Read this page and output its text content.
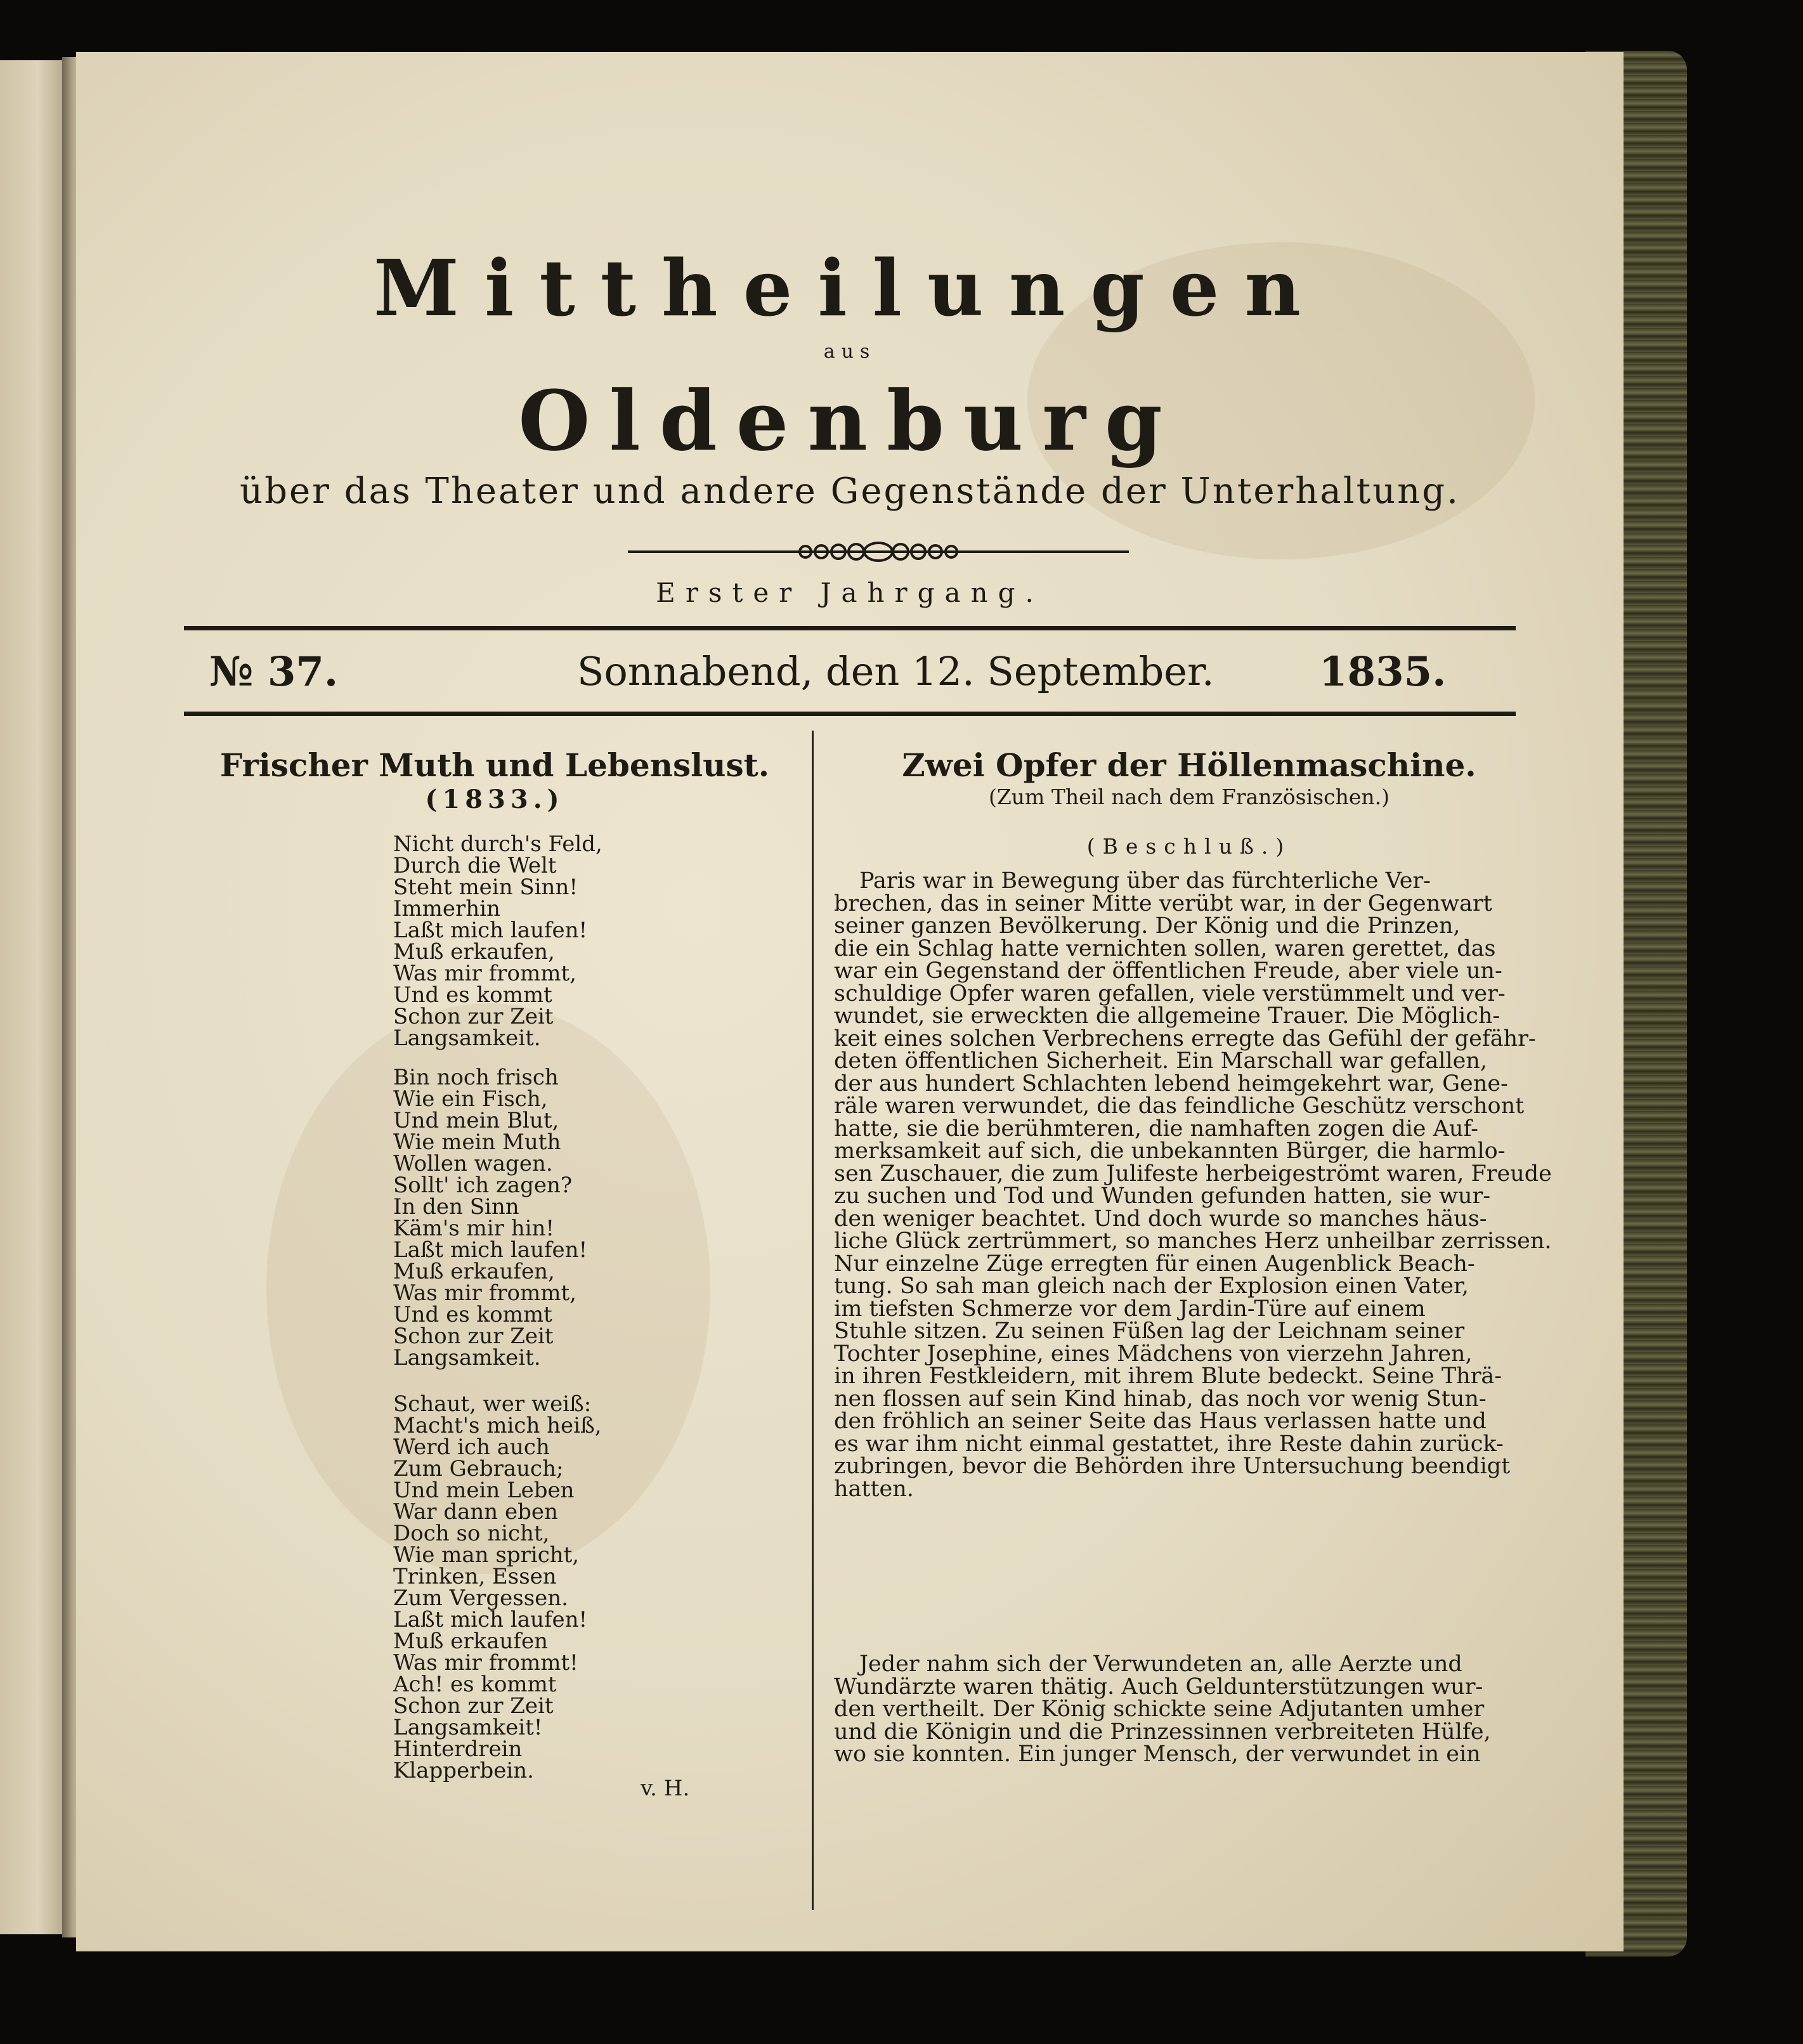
Mittheilungen
aus
Oldenburg
über das Theater und andere Gegenstände der Unterhaltung.
Erster Jahrgang.
№ 37.	Sonnabend, den 12. September.	1835.
Frischer Muth und Lebenslust.
(1833.)
Nicht durch's Feld,
Durch die Welt
Steht mein Sinn!
Immerhin
Laßt mich laufen!
Muß erkaufen,
Was mir frommt,
Und es kommt
Schon zur Zeit
Langsamkeit.
Bin noch frisch
Wie ein Fisch,
Und mein Blut,
Wie mein Muth
Wollen wagen.
Sollt' ich zagen?
In den Sinn
Käm's mir hin!
Laßt mich laufen!
Muß erkaufen,
Was mir frommt,
Und es kommt
Schon zur Zeit
Langsamkeit.
Schaut, wer weiß:
Macht's mich heiß,
Werd ich auch
Zum Gebrauch;
Und mein Leben
War dann eben
Doch so nicht,
Wie man spricht,
Trinken, Essen
Zum Vergessen.
Laßt mich laufen!
Muß erkaufen
Was mir frommt!
Ach! es kommt
Schon zur Zeit
Langsamkeit!
Hinterdrein
Klapperbein.
v. H.
Zwei Opfer der Höllenmaschine.
(Zum Theil nach dem Französischen.)
(Beschluß.)
Paris war in Bewegung über das fürchterliche Ver-
brechen, das in seiner Mitte verübt war, in der Gegenwart
seiner ganzen Bevölkerung. Der König und die Prinzen,
die ein Schlag hatte vernichten sollen, waren gerettet, das
war ein Gegenstand der öffentlichen Freude, aber viele un-
schuldige Opfer waren gefallen, viele verstümmelt und ver-
wundet, sie erweckten die allgemeine Trauer. Die Möglich-
keit eines solchen Verbrechens erregte das Gefühl der gefähr-
deten öffentlichen Sicherheit. Ein Marschall war gefallen,
der aus hundert Schlachten lebend heimgekehrt war, Gene-
räle waren verwundet, die das feindliche Geschütz verschont
hatte, sie die berühmteren, die namhaften zogen die Auf-
merksamkeit auf sich, die unbekannten Bürger, die harmlo-
sen Zuschauer, die zum Julifeste herbeigeströmt waren, Freude
zu suchen und Tod und Wunden gefunden hatten, sie wur-
den weniger beachtet. Und doch wurde so manches häus-
liche Glück zertrümmert, so manches Herz unheilbar zerrissen.
Nur einzelne Züge erregten für einen Augenblick Beach-
tung. So sah man gleich nach der Explosion einen Vater,
im tiefsten Schmerze vor dem Jardin-Türe auf einem
Stuhle sitzen. Zu seinen Füßen lag der Leichnam seiner
Tochter Josephine, eines Mädchens von vierzehn Jahren,
in ihren Festkleidern, mit ihrem Blute bedeckt. Seine Thrä-
nen flossen auf sein Kind hinab, das noch vor wenig Stun-
den fröhlich an seiner Seite das Haus verlassen hatte und
es war ihm nicht einmal gestattet, ihre Reste dahin zurück-
zubringen, bevor die Behörden ihre Untersuchung beendigt
hatten.
Jeder nahm sich der Verwundeten an, alle Aerzte und
Wundärzte waren thätig. Auch Geldunterstützungen wur-
den vertheilt. Der König schickte seine Adjutanten umher
und die Königin und die Prinzessinnen verbreiteten Hülfe,
wo sie konnten. Ein junger Mensch, der verwundet in ein
